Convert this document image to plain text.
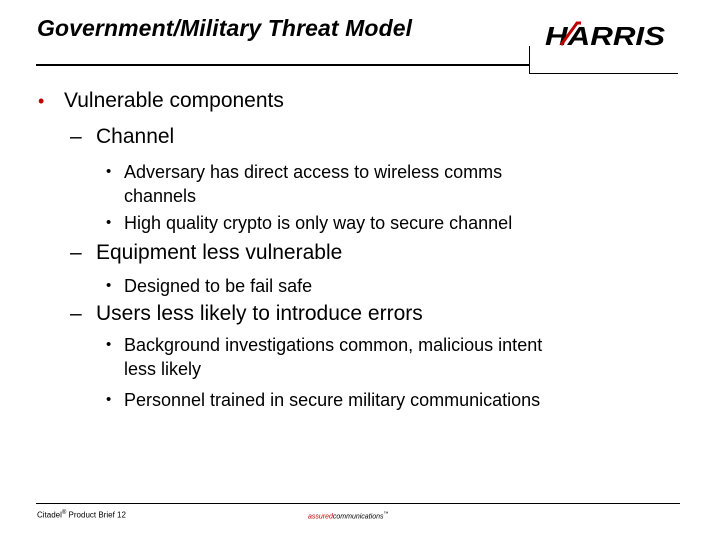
Government/Military Threat Model	HARRIS
• Vulnerable components
– Channel
• Adversary has direct access to wireless comms
channels
• High quality crypto is only way to secure channel
– Equipment less vulnerable
• Designed to be fail safe
– Users less likely to introduce errors
• Background investigations common, malicious intent
less likely
• Personnel trained in secure military communications
Citadel® Product Brief 12	assuredcommunications™
